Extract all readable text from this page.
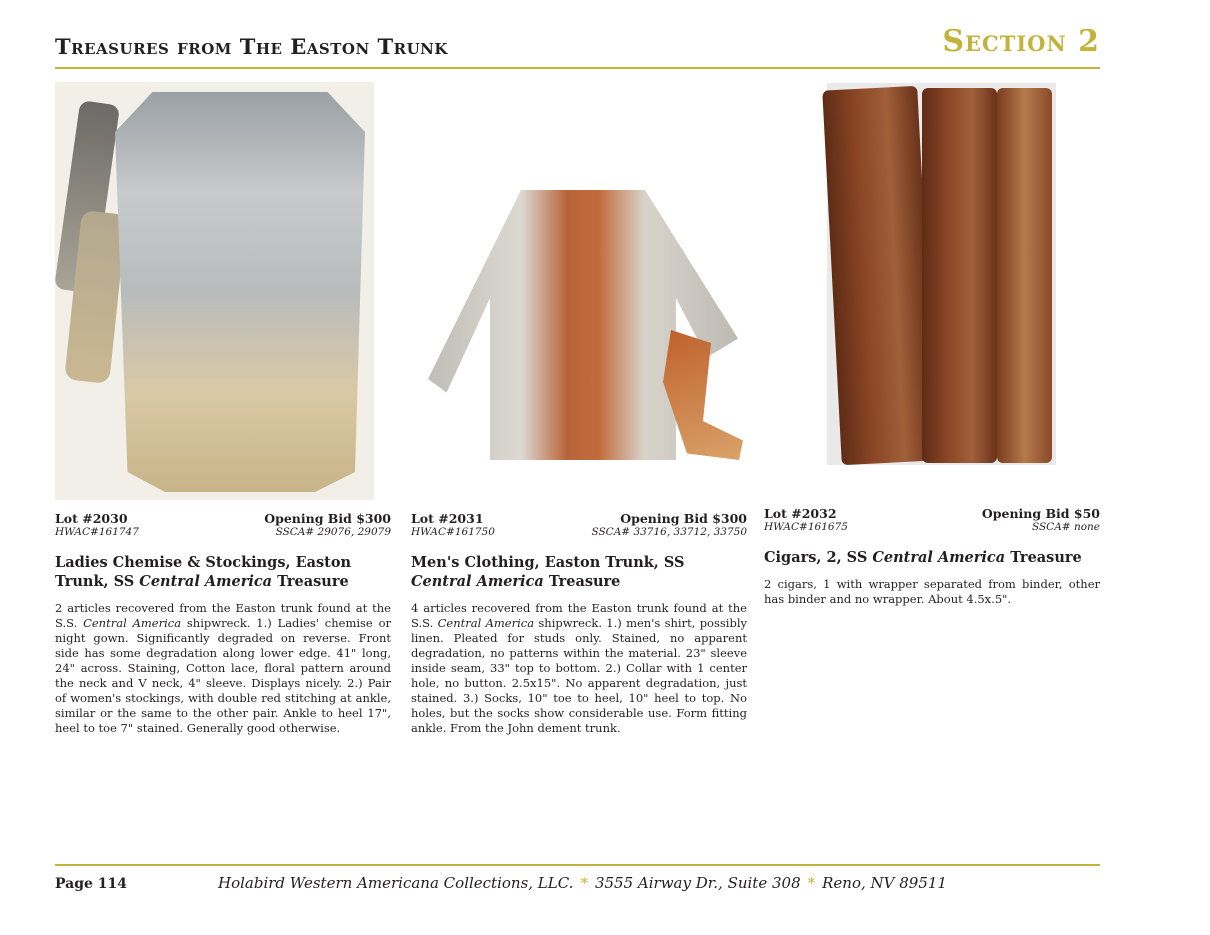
Treasures from The Easton Trunk	Section 2
Lot #2030	Opening Bid $300
HWAC#161747	SSCA# 29076, 29079
Ladies Chemise & Stockings, Easton Trunk, SS Central America Treasure

2 articles recovered from the Easton trunk found at the S.S. Central America shipwreck. 1.) Ladies' chemise or night gown. Significantly degraded on reverse. Front side has some degradation along lower edge. 41" long, 24" across. Staining, Cotton lace, floral pattern around the neck and V neck, 4" sleeve. Displays nicely. 2.) Pair of women's stockings, with double red stitching at ankle, similar or the same to the other pair. Ankle to heel 17", heel to toe 7" stained. Generally good otherwise.

Lot #2031	Opening Bid $300
HWAC#161750	SSCA# 33716, 33712, 33750
Men's Clothing, Easton Trunk, SS Central America Treasure

4 articles recovered from the Easton trunk found at the S.S. Central America shipwreck. 1.) men's shirt, possibly linen. Pleated for studs only. Stained, no apparent degradation, no patterns within the material. 23" sleeve inside seam, 33" top to bottom. 2.) Collar with 1 center hole, no button. 2.5x15". No apparent degradation, just stained. 3.) Socks, 10" toe to heel, 10" heel to top. No holes, but the socks show considerable use. Form fitting ankle. From the John dement trunk.

Lot #2032	Opening Bid $50
HWAC#161675	SSCA# none
Cigars, 2, SS Central America Treasure

2 cigars, 1 with wrapper separated from binder, other has binder and no wrapper. About 4.5x.5".

Page 114	Holabird Western Americana Collections, LLC. * 3555 Airway Dr., Suite 308 * Reno, NV 89511
